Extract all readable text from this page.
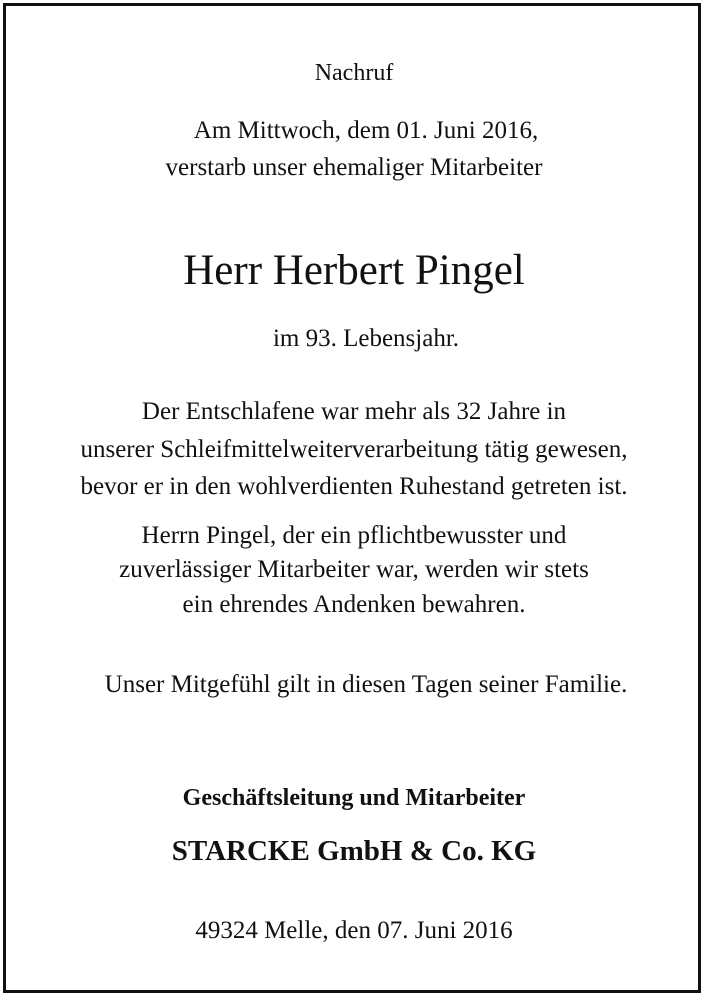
Nachruf
Am Mittwoch, dem 01. Juni 2016,
verstarb unser ehemaliger Mitarbeiter
Herr Herbert Pingel
im 93. Lebensjahr.
Der Entschlafene war mehr als 32 Jahre in
unserer Schleifmittelweiterverarbeitung tätig gewesen,
bevor er in den wohlverdienten Ruhestand getreten ist.
Herrn Pingel, der ein pflichtbewusster und
zuverlässiger Mitarbeiter war, werden wir stets
ein ehrendes Andenken bewahren.
Unser Mitgefühl gilt in diesen Tagen seiner Familie.
Geschäftsleitung und Mitarbeiter
STARCKE GmbH & Co. KG
49324 Melle, den 07. Juni 2016
